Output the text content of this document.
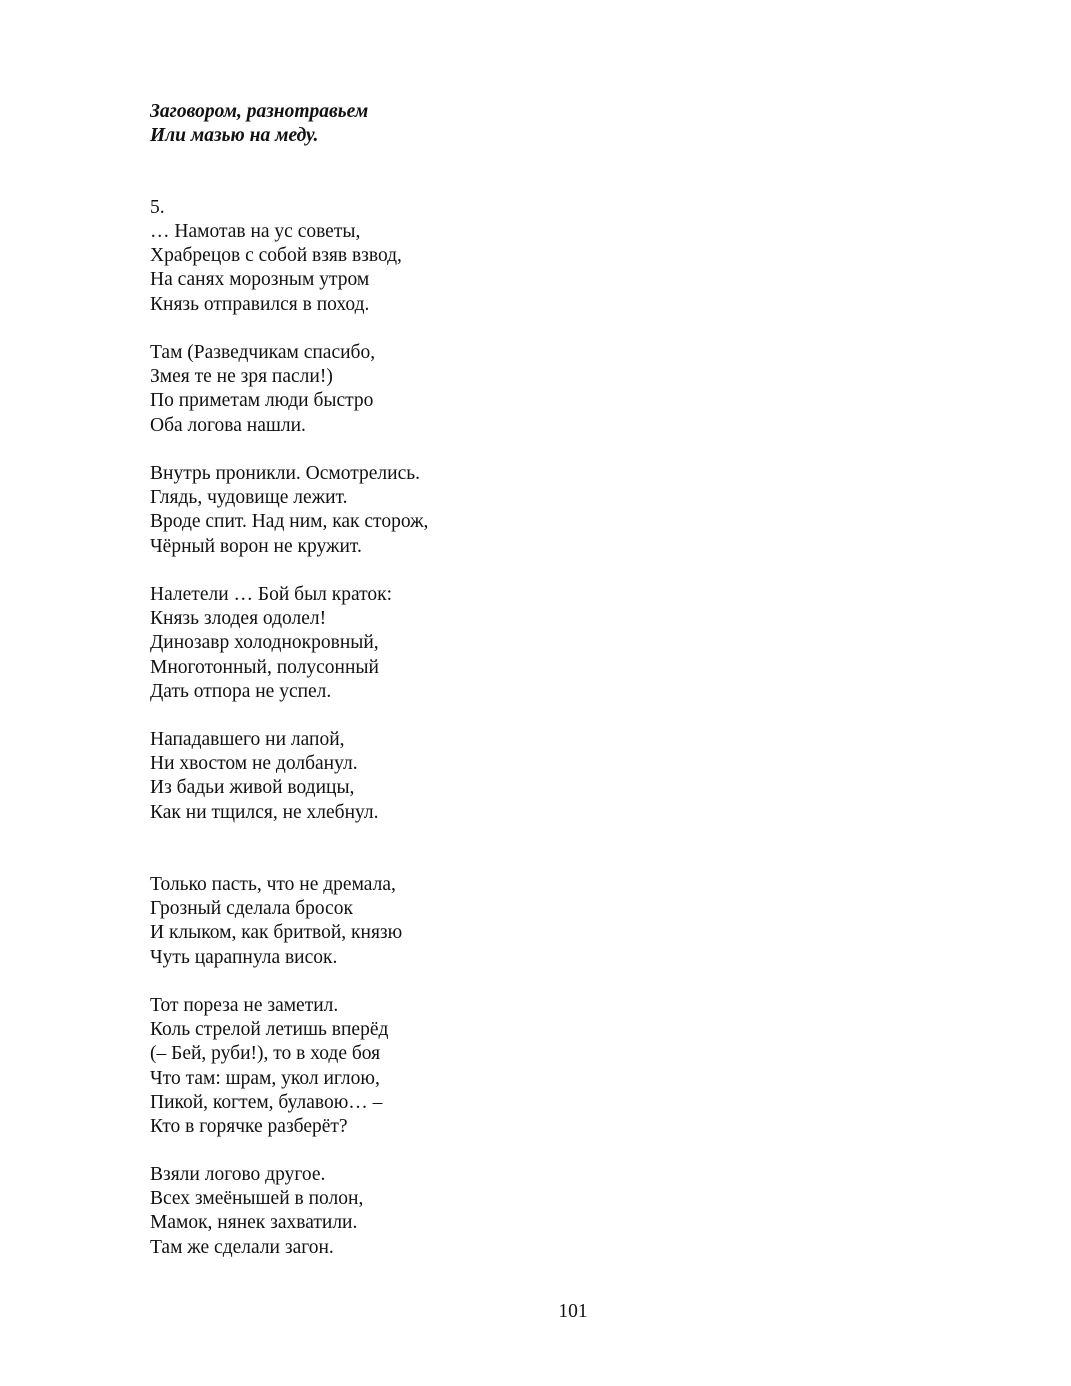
Заговором, разнотравьем
Или мазью на меду.
5.
… Намотав на ус советы,
Храбрецов с собой взяв взвод,
На санях морозным утром
Князь отправился в поход.
Там (Разведчикам спасибо,
Змея те не зря пасли!)
По приметам люди быстро
Оба логова нашли.
Внутрь проникли. Осмотрелись.
Глядь, чудовище лежит.
Вроде спит. Над ним, как сторож,
Чёрный ворон не кружит.
Налетели … Бой был краток:
Князь злодея одолел!
Динозавр холоднокровный,
Многотонный, полусонный
Дать отпора не успел.
Нападавшего ни лапой,
Ни хвостом не долбанул.
Из бадьи живой водицы,
Как ни тщился, не хлебнул.
Только пасть, что не дремала,
Грозный сделала бросок
И клыком, как бритвой, князю
Чуть царапнула висок.
Тот пореза не заметил.
Коль стрелой летишь вперёд
(– Бей, руби!), то в ходе боя
Что там: шрам, укол иглою,
Пикой, когтем, булавою… –
Кто в горячке разберёт?
Взяли логово другое.
Всех змеёнышей в полон,
Мамок, нянек захватили.
Там же сделали загон.
101
